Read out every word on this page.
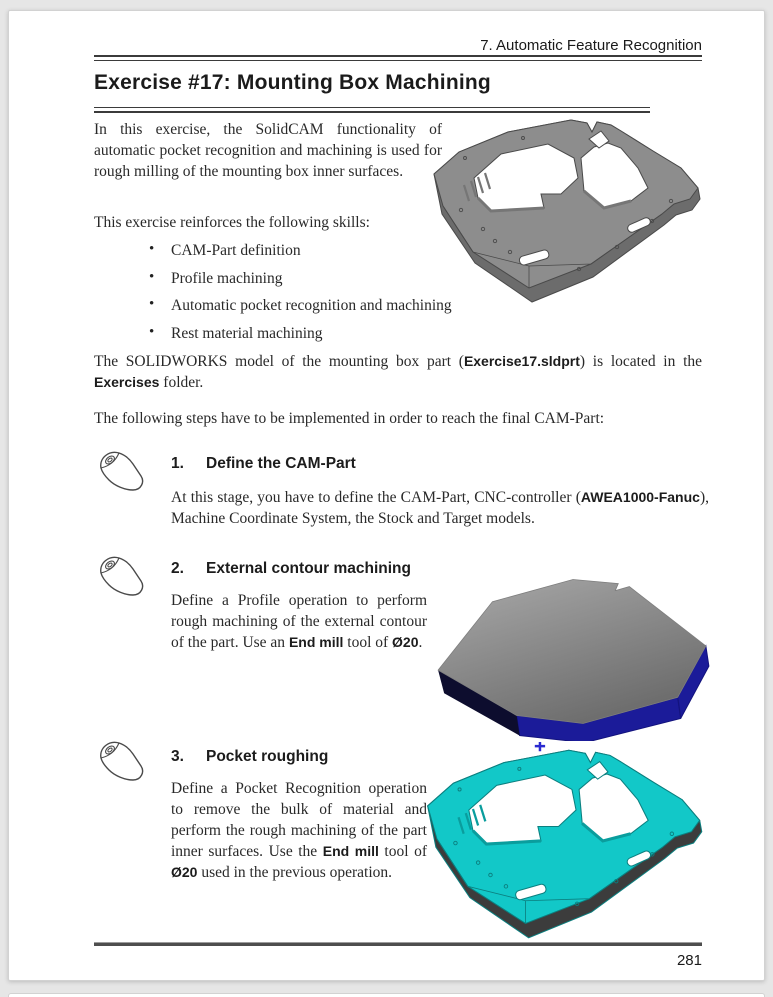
7. Automatic Feature Recognition
Exercise #17: Mounting Box Machining
In this exercise, the SolidCAM functionality of automatic pocket recognition and machining is used for rough milling of the mounting box inner surfaces.
This exercise reinforces the following skills:
• CAM-Part definition
• Profile machining
• Automatic pocket recognition and machining
• Rest material machining
The SOLIDWORKS model of the mounting box part (Exercise17.sldprt) is located in the Exercises folder.
The following steps have to be implemented in order to reach the final CAM-Part:
1. Define the CAM-Part
At this stage, you have to define the CAM-Part, CNC-controller (AWEA1000-Fanuc), Machine Coordinate System, the Stock and Target models.
2. External contour machining
Define a Profile operation to perform rough machining of the external contour of the part. Use an End mill tool of Ø20.
3. Pocket roughing
Define a Pocket Recognition operation to remove the bulk of material and perform the rough machining of the part inner surfaces. Use the End mill tool of Ø20 used in the previous operation.
281
